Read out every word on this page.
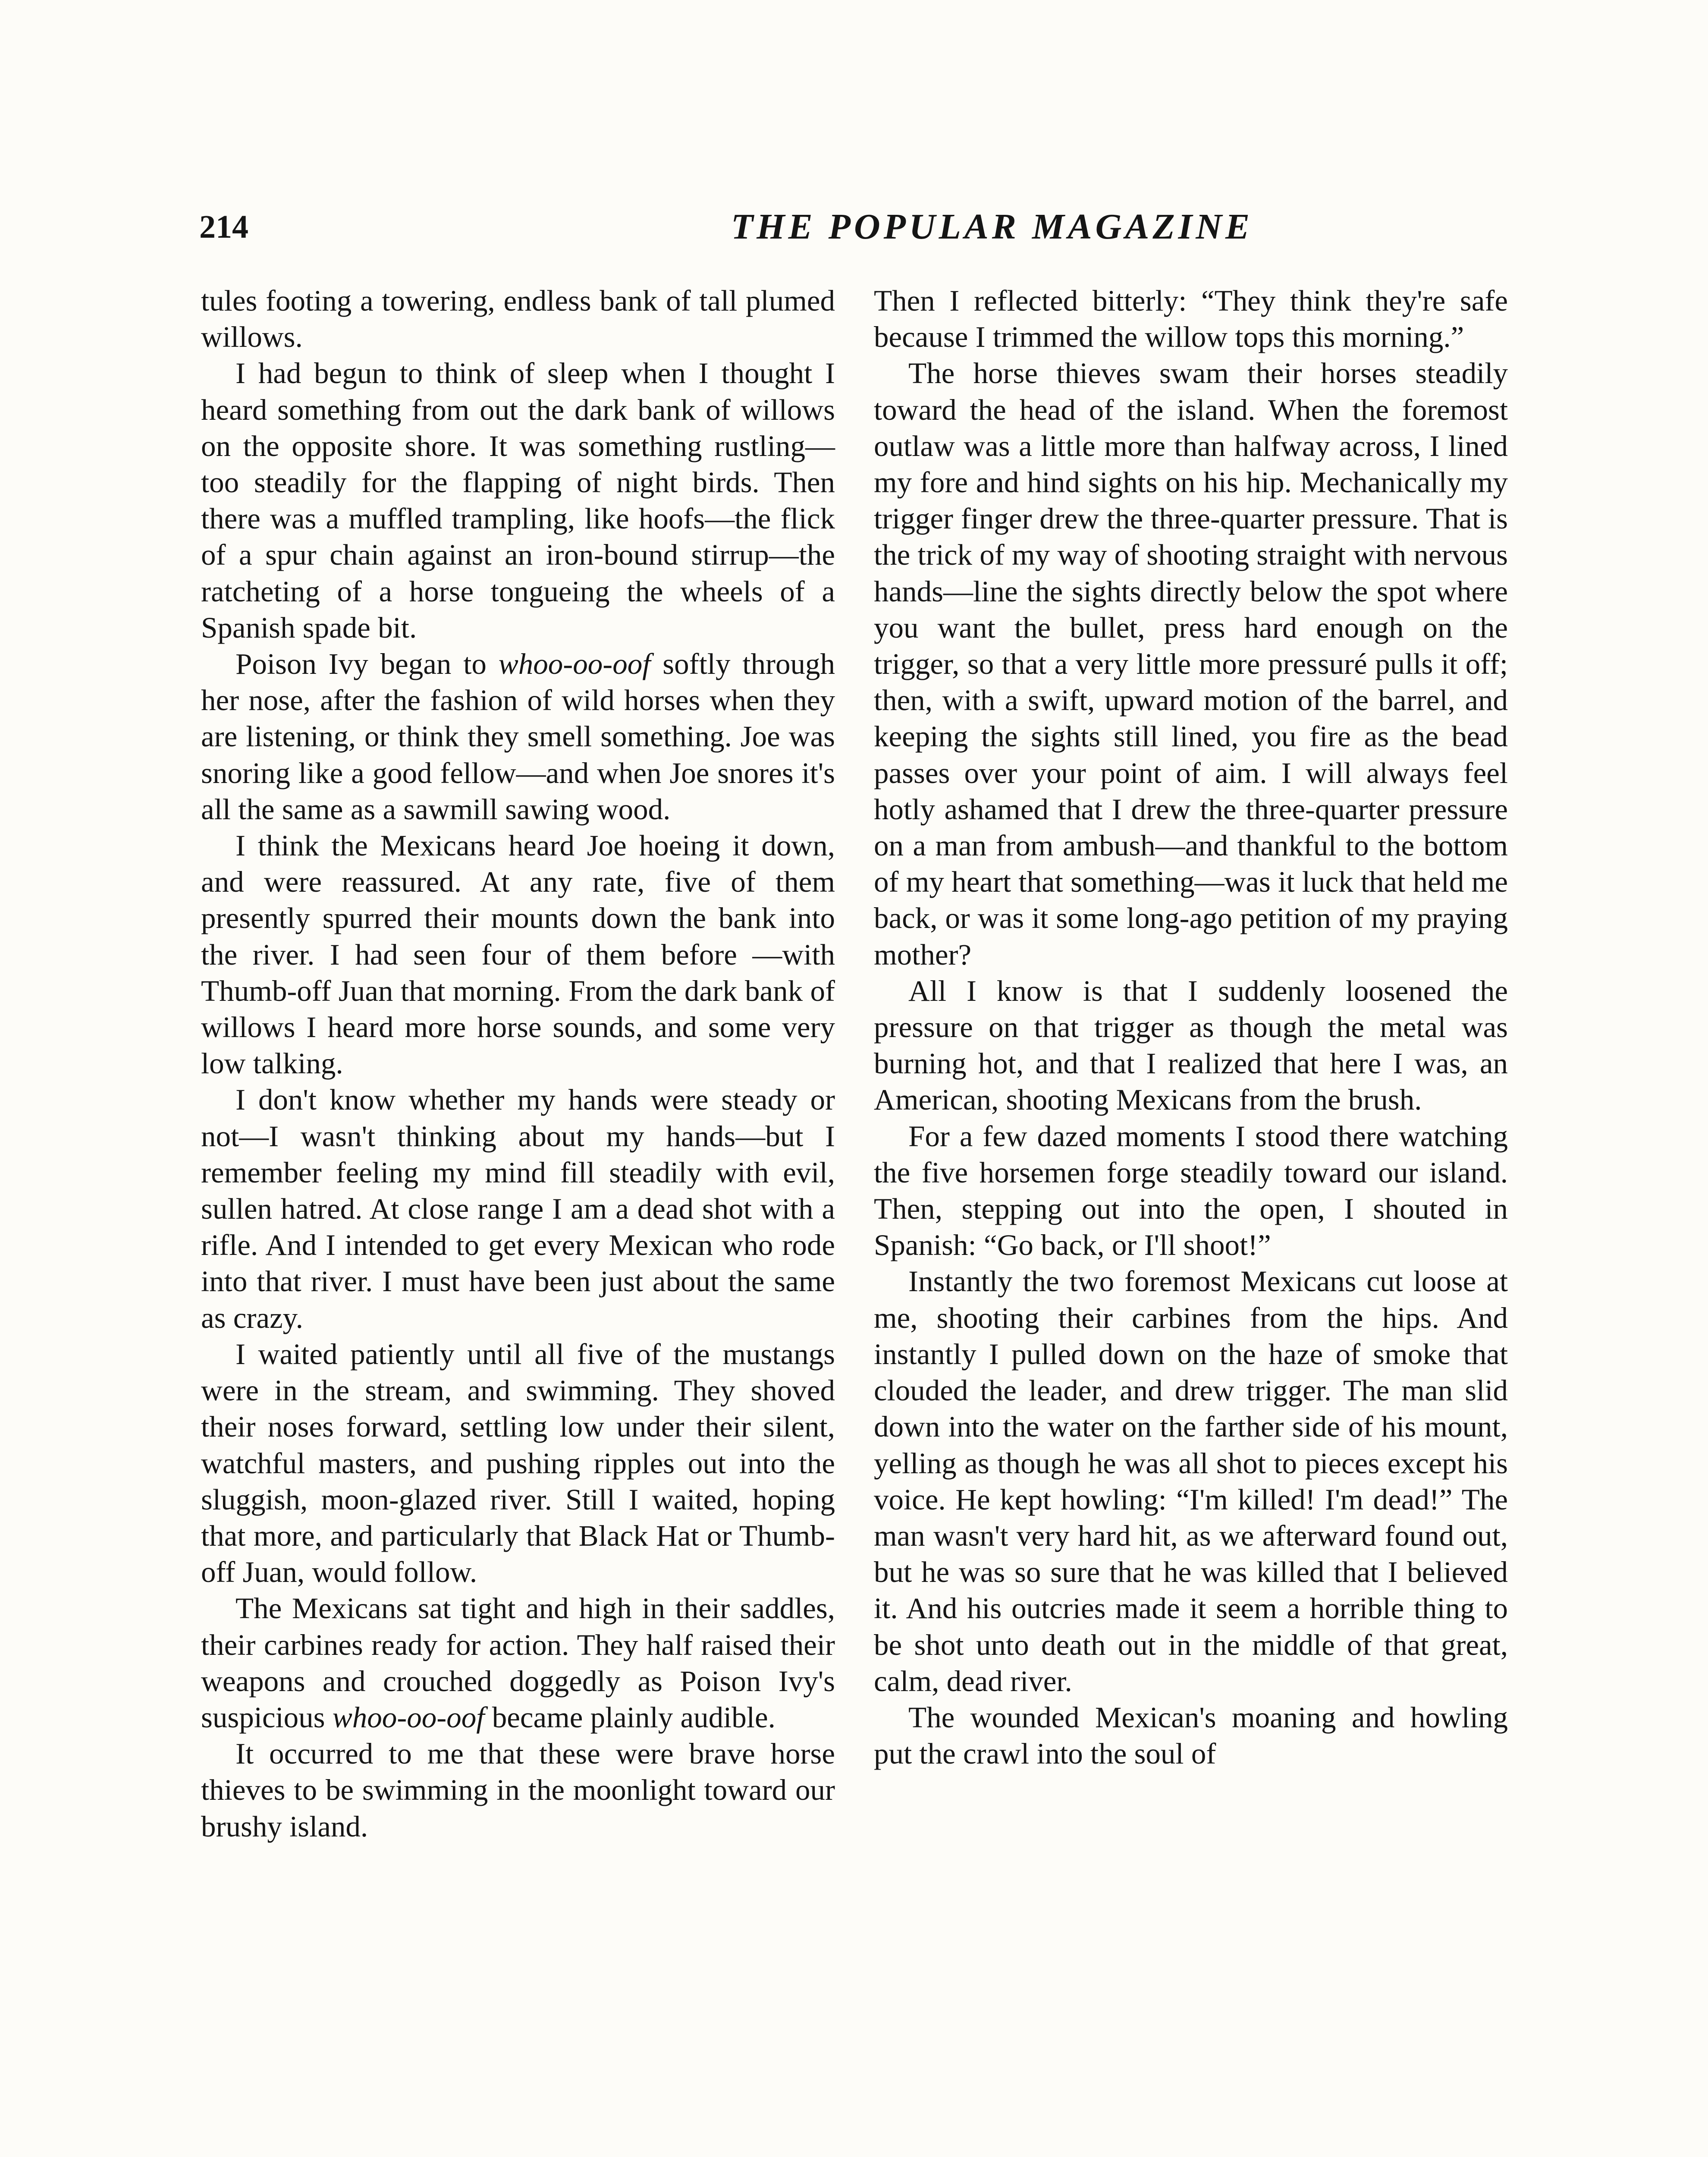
214	THE POPULAR MAGAZINE

tules footing a towering, endless bank of tall plumed willows.

I had begun to think of sleep when I thought I heard something from out the dark bank of willows on the opposite shore. It was something rustling—too steadily for the flapping of night birds. Then there was a muffled trampling, like hoofs—the flick of a spur chain against an iron-bound stirrup—the ratcheting of a horse tongueing the wheels of a Spanish spade bit.

Poison Ivy began to whoo-oo-oof softly through her nose, after the fashion of wild horses when they are listening, or think they smell something. Joe was snoring like a good fellow—and when Joe snores it's all the same as a sawmill sawing wood.

I think the Mexicans heard Joe hoeing it down, and were reassured. At any rate, five of them presently spurred their mounts down the bank into the river. I had seen four of them before —with Thumb-off Juan that morning. From the dark bank of willows I heard more horse sounds, and some very low talking.

I don't know whether my hands were steady or not—I wasn't thinking about my hands—but I remember feeling my mind fill steadily with evil, sullen hatred. At close range I am a dead shot with a rifle. And I intended to get every Mexican who rode into that river. I must have been just about the same as crazy.

I waited patiently until all five of the mustangs were in the stream, and swimming. They shoved their noses forward, settling low under their silent, watchful masters, and pushing ripples out into the sluggish, moon-glazed river. Still I waited, hoping that more, and particularly that Black Hat or Thumb-off Juan, would follow.

The Mexicans sat tight and high in their saddles, their carbines ready for action. They half raised their weapons and crouched doggedly as Poison Ivy's suspicious whoo-oo-oof became plainly audible.

It occurred to me that these were brave horse thieves to be swimming in the moonlight toward our brushy island.

Then I reflected bitterly: “They think they're safe because I trimmed the willow tops this morning.”

The horse thieves swam their horses steadily toward the head of the island. When the foremost outlaw was a little more than halfway across, I lined my fore and hind sights on his hip. Mechanically my trigger finger drew the three-quarter pressure. That is the trick of my way of shooting straight with nervous hands—line the sights directly below the spot where you want the bullet, press hard enough on the trigger, so that a very little more pressuré pulls it off; then, with a swift, upward motion of the barrel, and keeping the sights still lined, you fire as the bead passes over your point of aim. I will always feel hotly ashamed that I drew the three-quarter pressure on a man from ambush—and thankful to the bottom of my heart that something—was it luck that held me back, or was it some long-ago petition of my praying mother?

All I know is that I suddenly loosened the pressure on that trigger as though the metal was burning hot, and that I realized that here I was, an American, shooting Mexicans from the brush.

For a few dazed moments I stood there watching the five horsemen forge steadily toward our island. Then, stepping out into the open, I shouted in Spanish: “Go back, or I'll shoot!”

Instantly the two foremost Mexicans cut loose at me, shooting their carbines from the hips. And instantly I pulled down on the haze of smoke that clouded the leader, and drew trigger. The man slid down into the water on the farther side of his mount, yelling as though he was all shot to pieces except his voice. He kept howling: “I'm killed! I'm dead!” The man wasn't very hard hit, as we afterward found out, but he was so sure that he was killed that I believed it. And his outcries made it seem a horrible thing to be shot unto death out in the middle of that great, calm, dead river.

The wounded Mexican's moaning and howling put the crawl into the soul of
